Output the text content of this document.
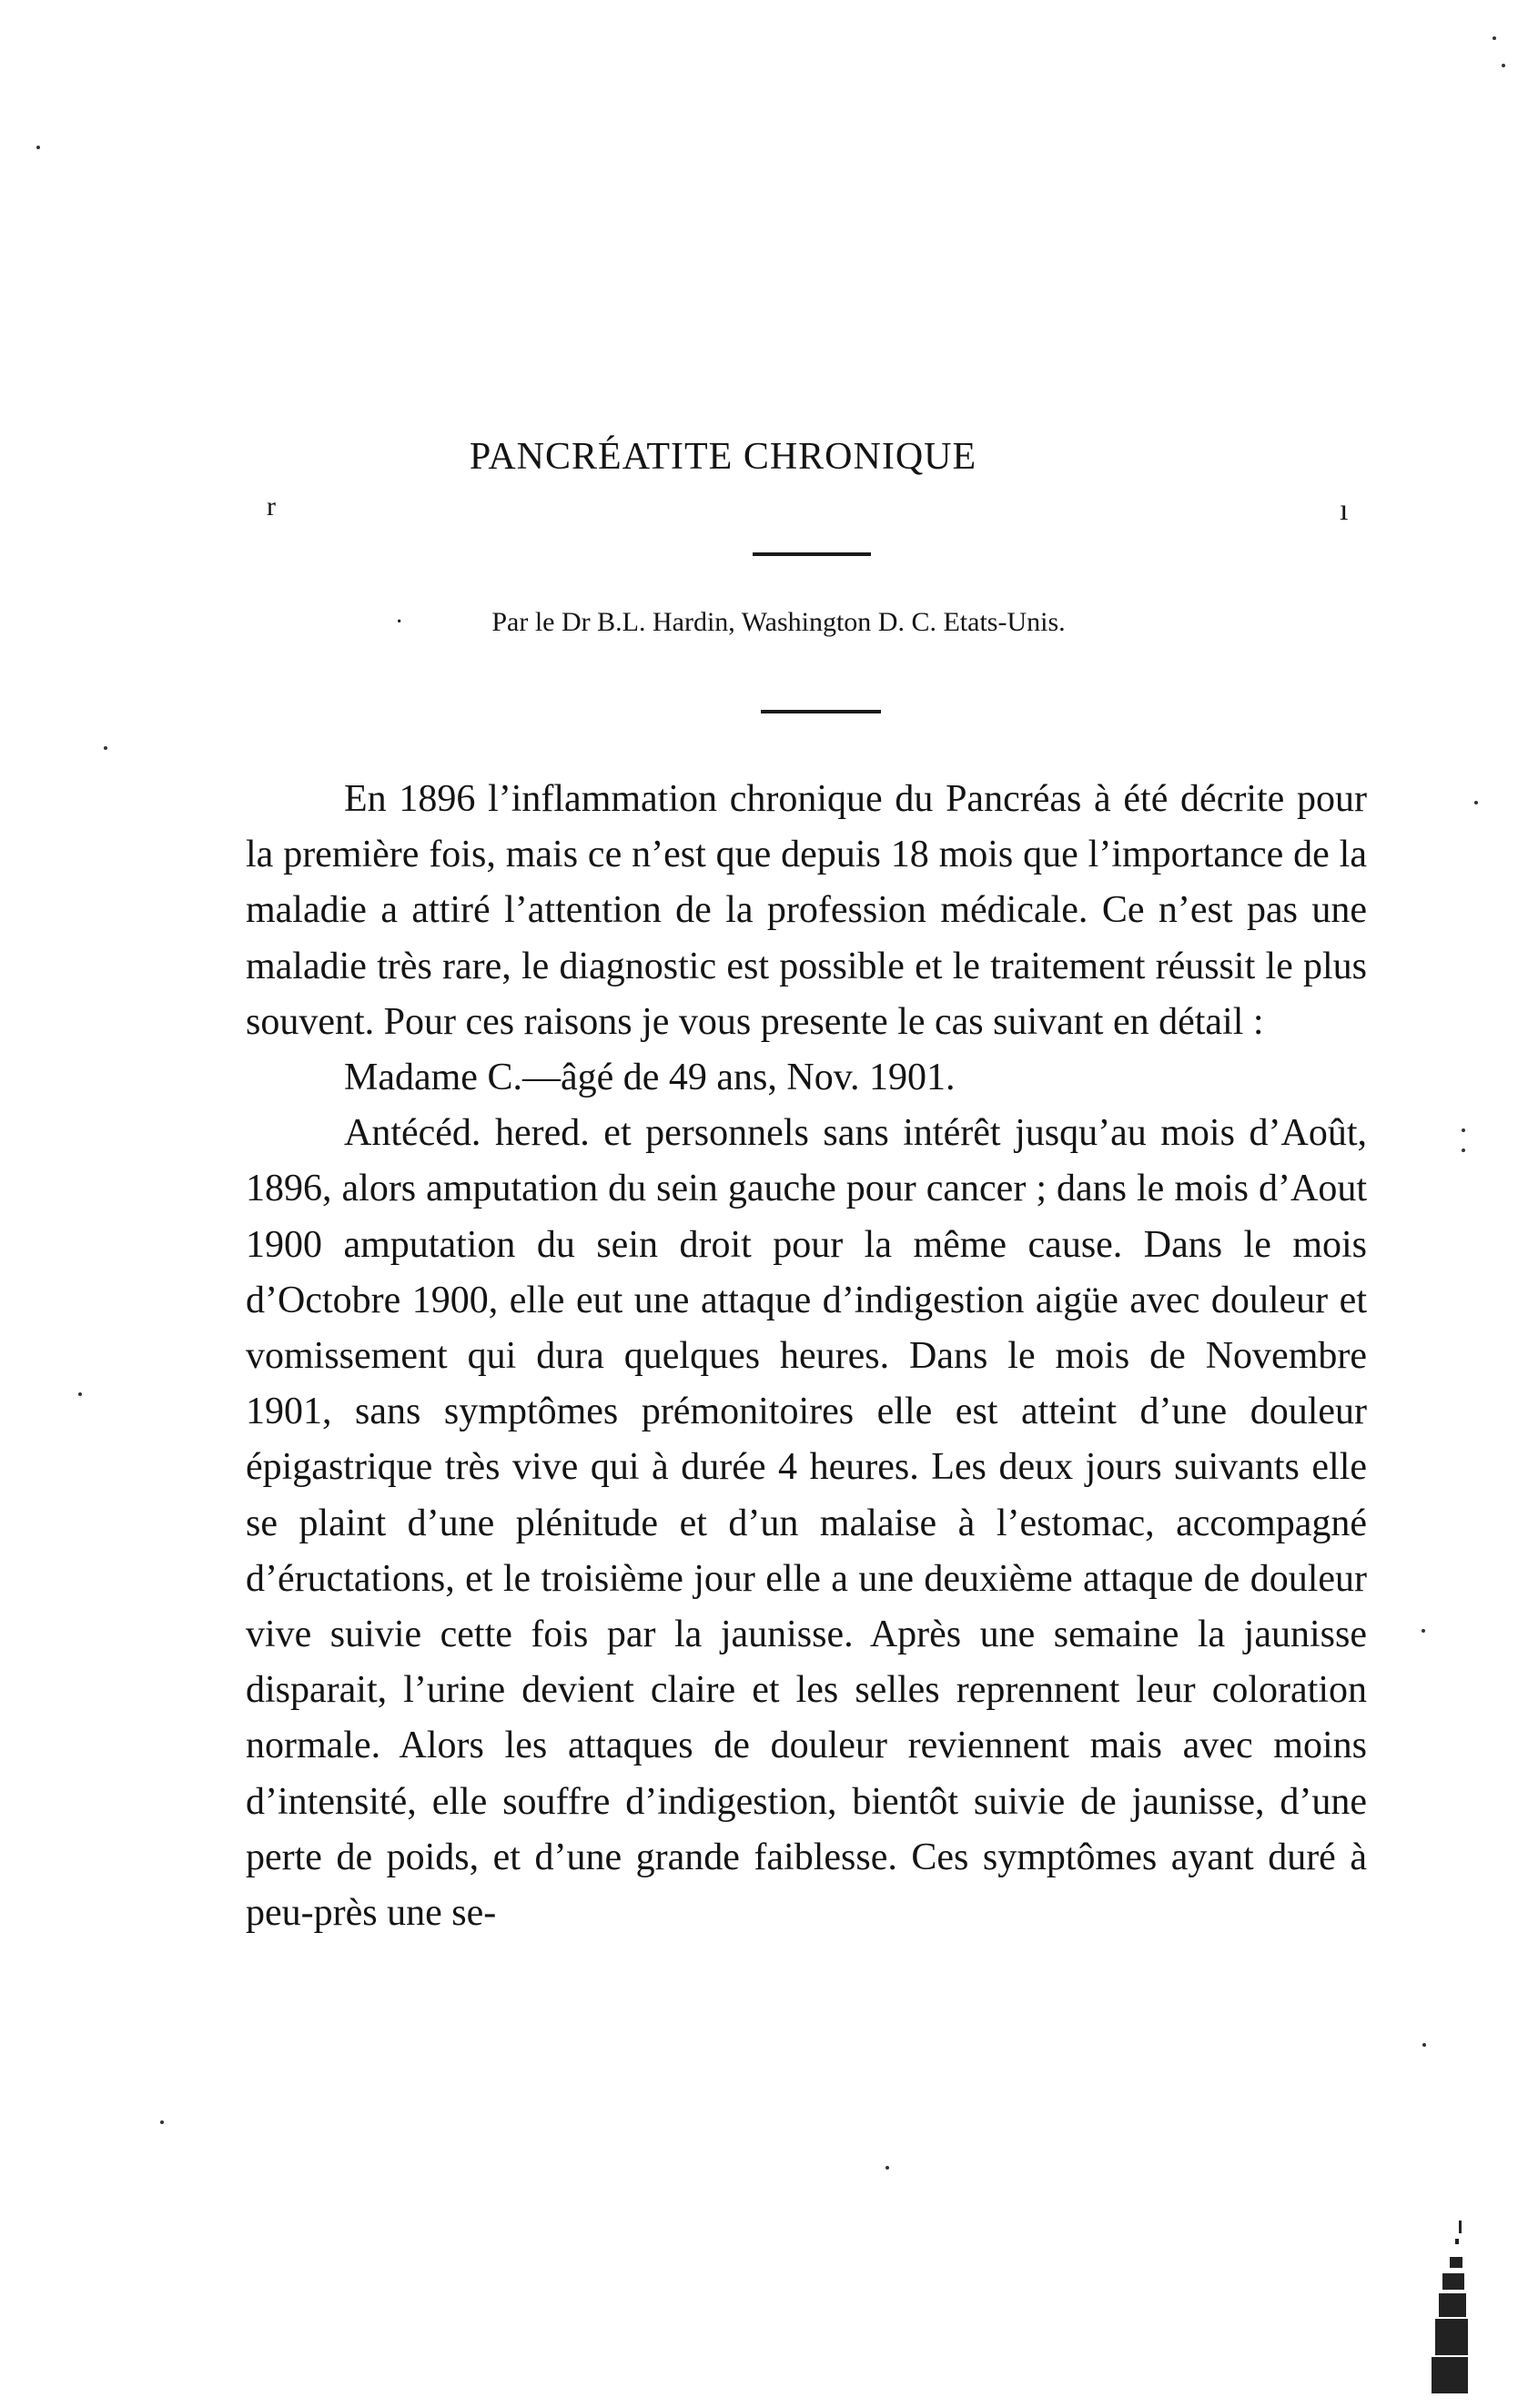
PANCRÉATITE CHRONIQUE
r	ı
·	Par le Dr B.L. Hardin, Washington D. C. Etats-Unis.

En 1896 l’inflammation chronique du Pancréas à été décrite pour la première fois, mais ce n’est que depuis 18 mois que l’importance de la maladie a attiré l’attention de la profession médicale. Ce n’est pas une maladie très rare, le diagnostic est possible et le traitement réussit le plus souvent. Pour ces raisons je vous presente le cas suivant en détail :

Madame C.—âgé de 49 ans, Nov. 1901.

Antécéd. hered. et personnels sans intérêt jusqu’au mois d’Août, 1896, alors amputation du sein gauche pour cancer ; dans le mois d’Aout 1900 amputation du sein droit pour la même cause. Dans le mois d’Octobre 1900, elle eut une attaque d’indigestion aigüe avec douleur et vomissement qui dura quelques heures. Dans le mois de Novembre 1901, sans symptômes prémonitoires elle est atteint d’une douleur épigastrique très vive qui à durée 4 heures. Les deux jours suivants elle se plaint d’une plénitude et d’un malaise à l’estomac, accompagné d’éructations, et le troisième jour elle a une deuxième attaque de douleur vive suivie cette fois par la jaunisse. Après une semaine la jaunisse disparait, l’urine devient claire et les selles reprennent leur coloration normale. Alors les attaques de douleur reviennent mais avec moins d’intensité, elle souffre d’indigestion, bientôt suivie de jaunisse, d’une perte de poids, et d’une grande faiblesse. Ces symptômes ayant duré à peu-près une se-
